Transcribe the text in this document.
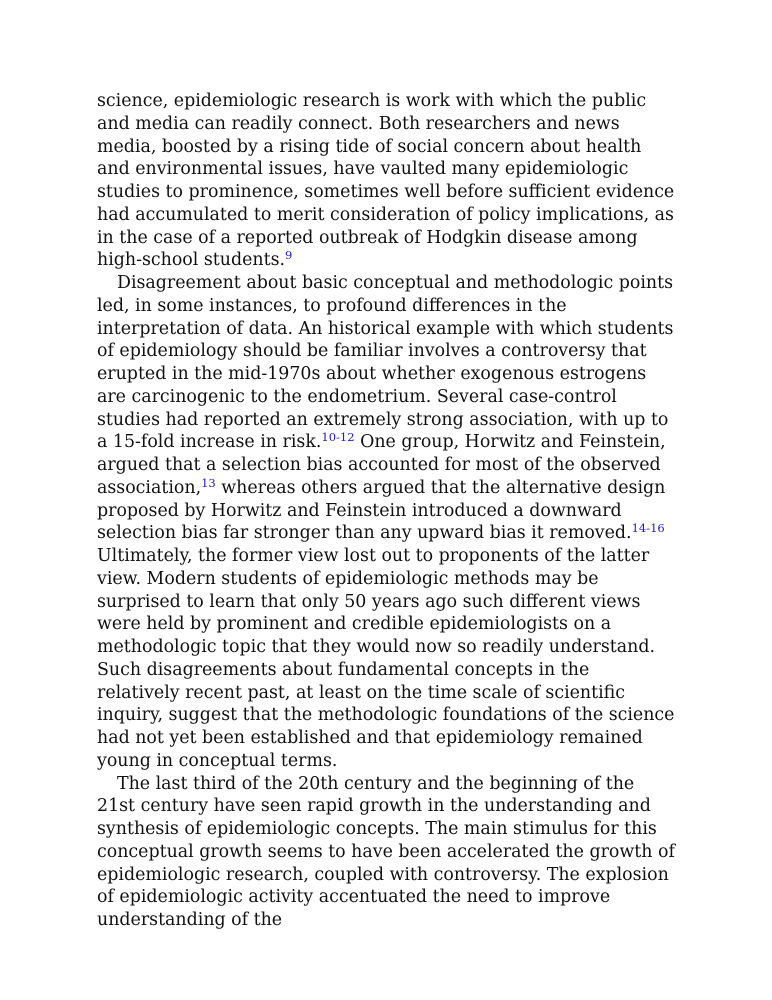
science, epidemiologic research is work with which the public and media can readily connect. Both researchers and news media, boosted by a rising tide of social concern about health and environmental issues, have vaulted many epidemiologic studies to prominence, sometimes well before sufficient evidence had accumulated to merit consideration of policy implications, as in the case of a reported outbreak of Hodgkin disease among high-school students.$^9$

Disagreement about basic conceptual and methodologic points led, in some instances, to profound differences in the interpretation of data. An historical example with which students of epidemiology should be familiar involves a controversy that erupted in the mid-1970s about whether exogenous estrogens are carcinogenic to the endometrium. Several case-control studies had reported an extremely strong association, with up to a 15-fold increase in risk.$^{10-12}$ One group, Horwitz and Feinstein, argued that a selection bias accounted for most of the observed association,$^{13}$ whereas others argued that the alternative design proposed by Horwitz and Feinstein introduced a downward selection bias far stronger than any upward bias it removed.$^{14-16}$ Ultimately, the former view lost out to proponents of the latter view. Modern students of epidemiologic methods may be surprised to learn that only 50 years ago such different views were held by prominent and credible epidemiologists on a methodologic topic that they would now so readily understand. Such disagreements about fundamental concepts in the relatively recent past, at least on the time scale of scientific inquiry, suggest that the methodologic foundations of the science had not yet been established and that epidemiology remained young in conceptual terms.

The last third of the 20th century and the beginning of the 21st century have seen rapid growth in the understanding and synthesis of epidemiologic concepts. The main stimulus for this conceptual growth seems to have been accelerated the growth of epidemiologic research, coupled with controversy. The explosion of epidemiologic activity accentuated the need to improve understanding of the
